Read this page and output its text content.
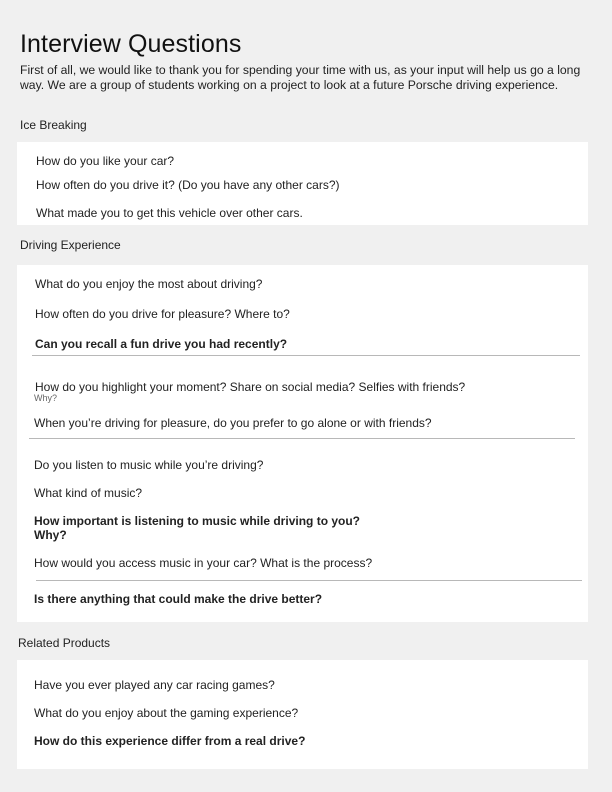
Interview Questions
First of all, we would like to thank you for spending your time with us, as your input will help us go a long way. We are a group of students working on a project to look at a future Porsche driving experience.
Ice Breaking
How do you like your car?
How often do you drive it? (Do you have any other cars?)
What made you to get this vehicle over other cars.
Driving Experience
What do you enjoy the most about driving?
How often do you drive for pleasure? Where to?
Can you recall a fun drive you had recently?
How do you highlight your moment? Share on social media? Selfies with friends?
Why?
When you’re driving for pleasure, do you prefer to go alone or with friends?
Do you listen to music while you’re driving?
What kind of music?
How important is listening to music while driving to you?
Why?
How would you access music in your car? What is the process?
Is there anything that could make the drive better?
Related Products
Have you ever played any car racing games?
What do you enjoy about the gaming experience?
How do this experience differ from a real drive?
